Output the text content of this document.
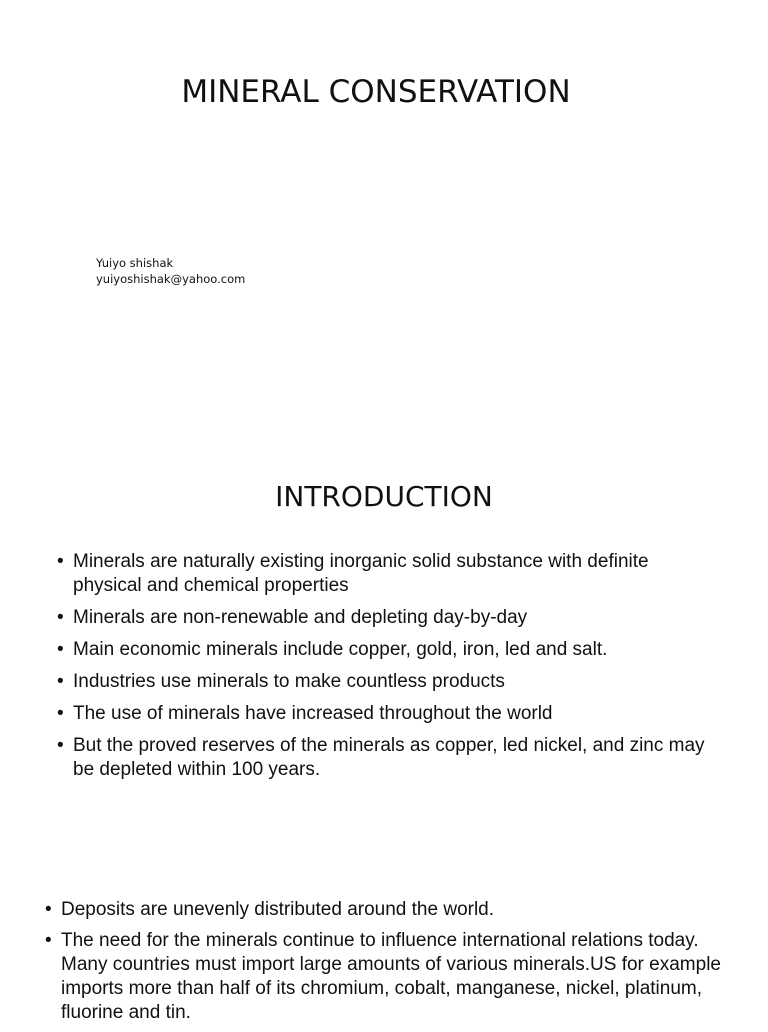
MINERAL CONSERVATION
Yuiyo shishak
yuiyoshishak@yahoo.com
INTRODUCTION
• Minerals are naturally existing inorganic solid substance with definite physical and chemical properties
• Minerals are non-renewable and depleting day-by-day
• Main economic minerals include copper, gold, iron, led and salt.
• Industries use minerals to make countless products
• The use of minerals have increased throughout the world
• But the proved reserves of the minerals as copper, led nickel, and zinc may be depleted within 100 years.
• Deposits are unevenly distributed around the world.
• The need for the minerals continue to influence international relations today. Many countries must import large amounts of various minerals.US for example imports more than half of its chromium, cobalt, manganese, nickel, platinum, fluorine and tin.
